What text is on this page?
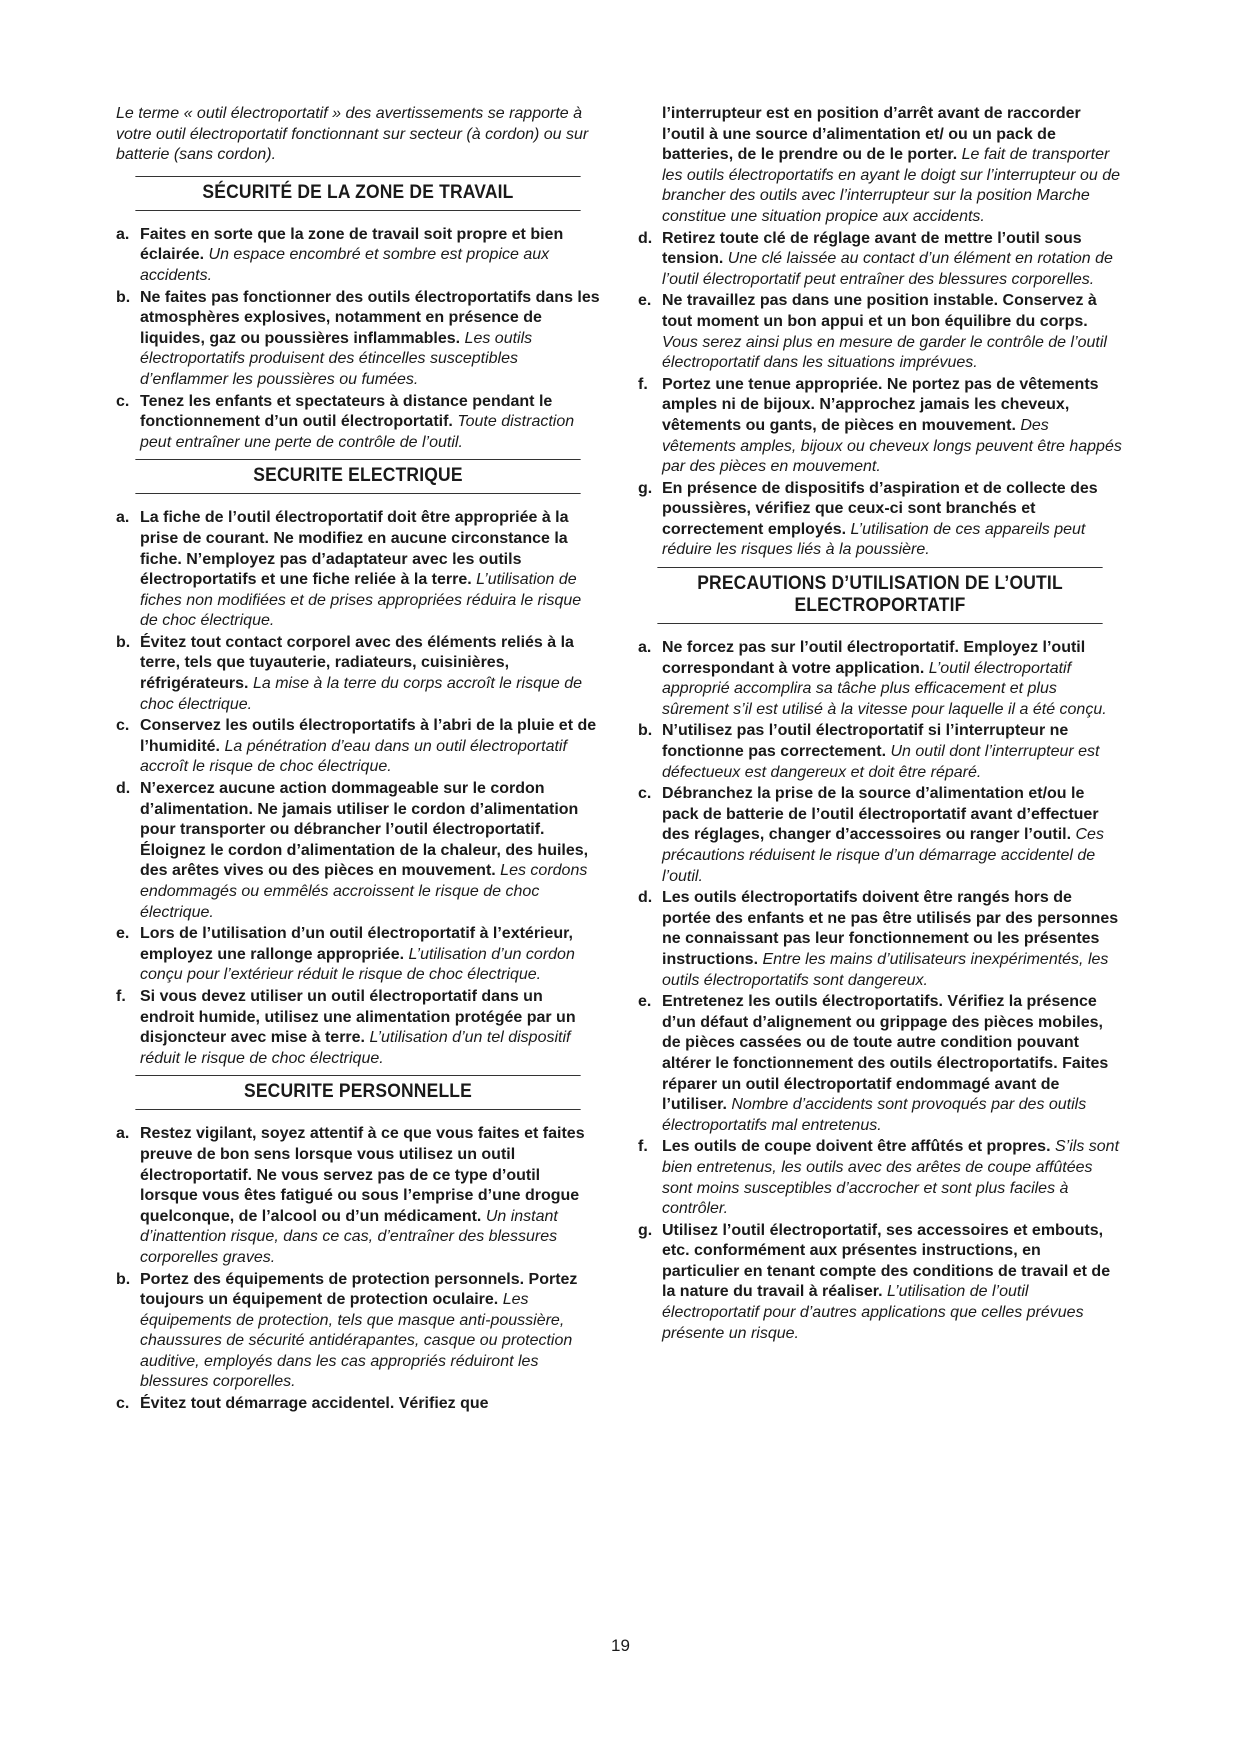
Le terme « outil électroportatif » des avertissements se rapporte à votre outil électroportatif fonctionnant sur secteur (à cordon) ou sur batterie (sans cordon).

SÉCURITÉ DE LA ZONE DE TRAVAIL
a. Faites en sorte que la zone de travail soit propre et bien éclairée. Un espace encombré et sombre est propice aux accidents.
b. Ne faites pas fonctionner des outils électroportatifs dans les atmosphères explosives, notamment en présence de liquides, gaz ou poussières inflammables. Les outils électroportatifs produisent des étincelles susceptibles d’enflammer les poussières ou fumées.
c. Tenez les enfants et spectateurs à distance pendant le fonctionnement d’un outil électroportatif. Toute distraction peut entraîner une perte de contrôle de l’outil.
SECURITE ELECTRIQUE
a. La fiche de l’outil électroportatif doit être appropriée à la prise de courant. Ne modifiez en aucune circonstance la fiche. N’employez pas d’adaptateur avec les outils électroportatifs et une fiche reliée à la terre. L’utilisation de fiches non modifiées et de prises appropriées réduira le risque de choc électrique.
b. Évitez tout contact corporel avec des éléments reliés à la terre, tels que tuyauterie, radiateurs, cuisinières, réfrigérateurs. La mise à la terre du corps accroît le risque de choc électrique.
c. Conservez les outils électroportatifs à l’abri de la pluie et de l’humidité. La pénétration d’eau dans un outil électroportatif accroît le risque de choc électrique.
d. N’exercez aucune action dommageable sur le cordon d’alimentation. Ne jamais utiliser le cordon d’alimentation pour transporter ou débrancher l’outil électroportatif. Éloignez le cordon d’alimentation de la chaleur, des huiles, des arêtes vives ou des pièces en mouvement. Les cordons endommagés ou emmêlés accroissent le risque de choc électrique.
e. Lors de l’utilisation d’un outil électroportatif à l’extérieur, employez une rallonge appropriée. L’utilisation d’un cordon conçu pour l’extérieur réduit le risque de choc électrique.
f. Si vous devez utiliser un outil électroportatif dans un endroit humide, utilisez une alimentation protégée par un disjoncteur avec mise à terre. L’utilisation d’un tel dispositif réduit le risque de choc électrique.
SECURITE PERSONNELLE
a. Restez vigilant, soyez attentif à ce que vous faites et faites preuve de bon sens lorsque vous utilisez un outil électroportatif. Ne vous servez pas de ce type d’outil lorsque vous êtes fatigué ou sous l’emprise d’une drogue quelconque, de l’alcool ou d’un médicament. Un instant d’inattention risque, dans ce cas, d’entraîner des blessures corporelles graves.
b. Portez des équipements de protection personnels. Portez toujours un équipement de protection oculaire. Les équipements de protection, tels que masque anti-poussière, chaussures de sécurité antidérapantes, casque ou protection auditive, employés dans les cas appropriés réduiront les blessures corporelles.
c. Évitez tout démarrage accidentel. Vérifiez que
l’interrupteur est en position d’arrêt avant de raccorder l’outil à une source d’alimentation et/ ou un pack de batteries, de le prendre ou de le porter. Le fait de transporter les outils électroportatifs en ayant le doigt sur l’interrupteur ou de brancher des outils avec l’interrupteur sur la position Marche constitue une situation propice aux accidents.
d. Retirez toute clé de réglage avant de mettre l’outil sous tension. Une clé laissée au contact d’un élément en rotation de l’outil électroportatif peut entraîner des blessures corporelles.
e. Ne travaillez pas dans une position instable. Conservez à tout moment un bon appui et un bon équilibre du corps. Vous serez ainsi plus en mesure de garder le contrôle de l’outil électroportatif dans les situations imprévues.
f. Portez une tenue appropriée. Ne portez pas de vêtements amples ni de bijoux. N’approchez jamais les cheveux, vêtements ou gants, de pièces en mouvement. Des vêtements amples, bijoux ou cheveux longs peuvent être happés par des pièces en mouvement.
g. En présence de dispositifs d’aspiration et de collecte des poussières, vérifiez que ceux-ci sont branchés et correctement employés. L’utilisation de ces appareils peut réduire les risques liés à la poussière.
PRECAUTIONS D’UTILISATION DE L’OUTIL
ELECTROPORTATIF
a. Ne forcez pas sur l’outil électroportatif. Employez l’outil correspondant à votre application. L’outil électroportatif approprié accomplira sa tâche plus efficacement et plus sûrement s’il est utilisé à la vitesse pour laquelle il a été conçu.
b. N’utilisez pas l’outil électroportatif si l’interrupteur ne fonctionne pas correctement. Un outil dont l’interrupteur est défectueux est dangereux et doit être réparé.
c. Débranchez la prise de la source d’alimentation et/ou le pack de batterie de l’outil électroportatif avant d’effectuer des réglages, changer d’accessoires ou ranger l’outil. Ces précautions réduisent le risque d’un démarrage accidentel de l’outil.
d. Les outils électroportatifs doivent être rangés hors de portée des enfants et ne pas être utilisés par des personnes ne connaissant pas leur fonctionnement ou les présentes instructions. Entre les mains d’utilisateurs inexpérimentés, les outils électroportatifs sont dangereux.
e. Entretenez les outils électroportatifs. Vérifiez la présence d’un défaut d’alignement ou grippage des pièces mobiles, de pièces cassées ou de toute autre condition pouvant altérer le fonctionnement des outils électroportatifs. Faites réparer un outil électroportatif endommagé avant de l’utiliser. Nombre d’accidents sont provoqués par des outils électroportatifs mal entretenus.
f. Les outils de coupe doivent être affûtés et propres. S’ils sont bien entretenus, les outils avec des arêtes de coupe affûtées sont moins susceptibles d’accrocher et sont plus faciles à contrôler.
g. Utilisez l’outil électroportatif, ses accessoires et embouts, etc. conformément aux présentes instructions, en particulier en tenant compte des conditions de travail et de la nature du travail à réaliser. L’utilisation de l’outil électroportatif pour d’autres applications que celles prévues présente un risque.
19
